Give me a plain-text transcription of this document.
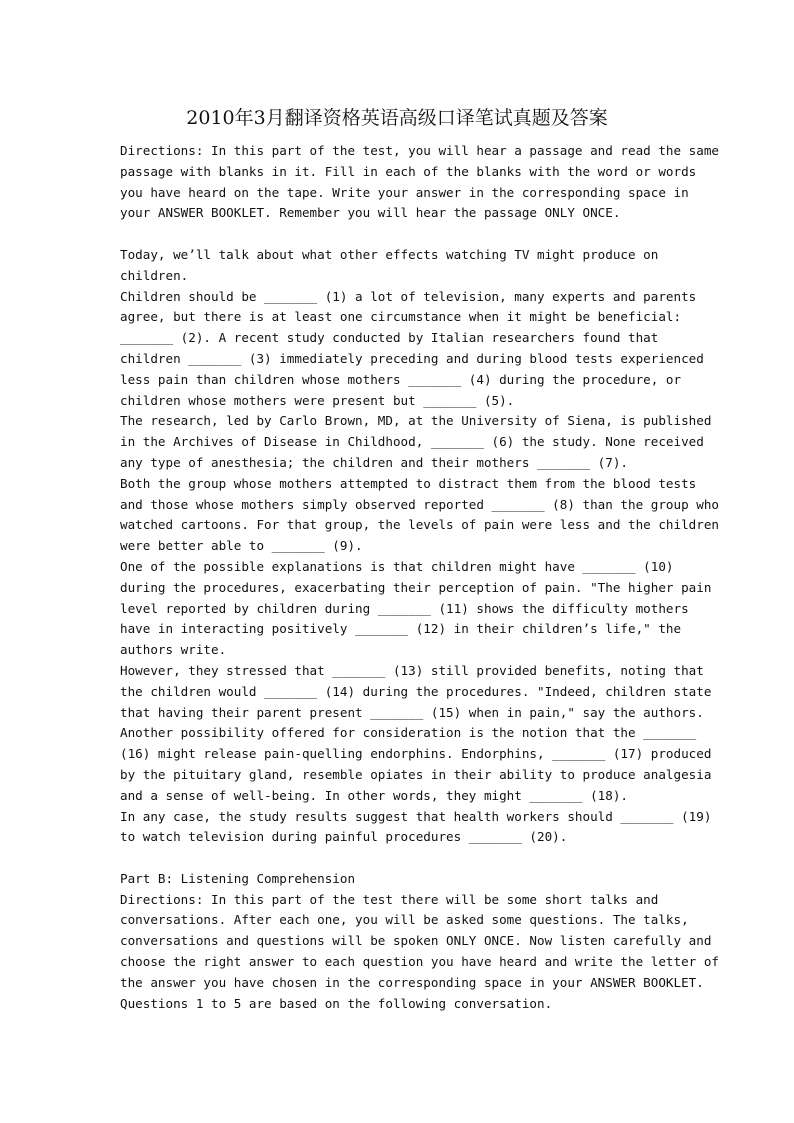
2010年3月翻译资格英语高级口译笔试真题及答案
Directions: In this part of the test, you will hear a passage and read the same
passage with blanks in it. Fill in each of the blanks with the word or words
you have heard on the tape. Write your answer in the corresponding space in
your ANSWER BOOKLET. Remember you will hear the passage ONLY ONCE.
Today, we’ll talk about what other effects watching TV might produce on
children.
Children should be _______ (1) a lot of television, many experts and parents
agree, but there is at least one circumstance when it might be beneficial:
_______ (2). A recent study conducted by Italian researchers found that
children _______ (3) immediately preceding and during blood tests experienced
less pain than children whose mothers _______ (4) during the procedure, or
children whose mothers were present but _______ (5).
The research, led by Carlo Brown, MD, at the University of Siena, is published
in the Archives of Disease in Childhood, _______ (6) the study. None received
any type of anesthesia; the children and their mothers _______ (7).
Both the group whose mothers attempted to distract them from the blood tests
and those whose mothers simply observed reported _______ (8) than the group who
watched cartoons. For that group, the levels of pain were less and the children
were better able to _______ (9).
One of the possible explanations is that children might have _______ (10)
during the procedures, exacerbating their perception of pain. "The higher pain
level reported by children during _______ (11) shows the difficulty mothers
have in interacting positively _______ (12) in their children’s life," the
authors write.
However, they stressed that _______ (13) still provided benefits, noting that
the children would _______ (14) during the procedures. "Indeed, children state
that having their parent present _______ (15) when in pain," say the authors.
Another possibility offered for consideration is the notion that the _______
(16) might release pain-quelling endorphins. Endorphins, _______ (17) produced
by the pituitary gland, resemble opiates in their ability to produce analgesia
and a sense of well-being. In other words, they might _______ (18).
In any case, the study results suggest that health workers should _______ (19)
to watch television during painful procedures _______ (20).
Part B: Listening Comprehension
Directions: In this part of the test there will be some short talks and
conversations. After each one, you will be asked some questions. The talks,
conversations and questions will be spoken ONLY ONCE. Now listen carefully and
choose the right answer to each question you have heard and write the letter of
the answer you have chosen in the corresponding space in your ANSWER BOOKLET.
Questions 1 to 5 are based on the following conversation.
